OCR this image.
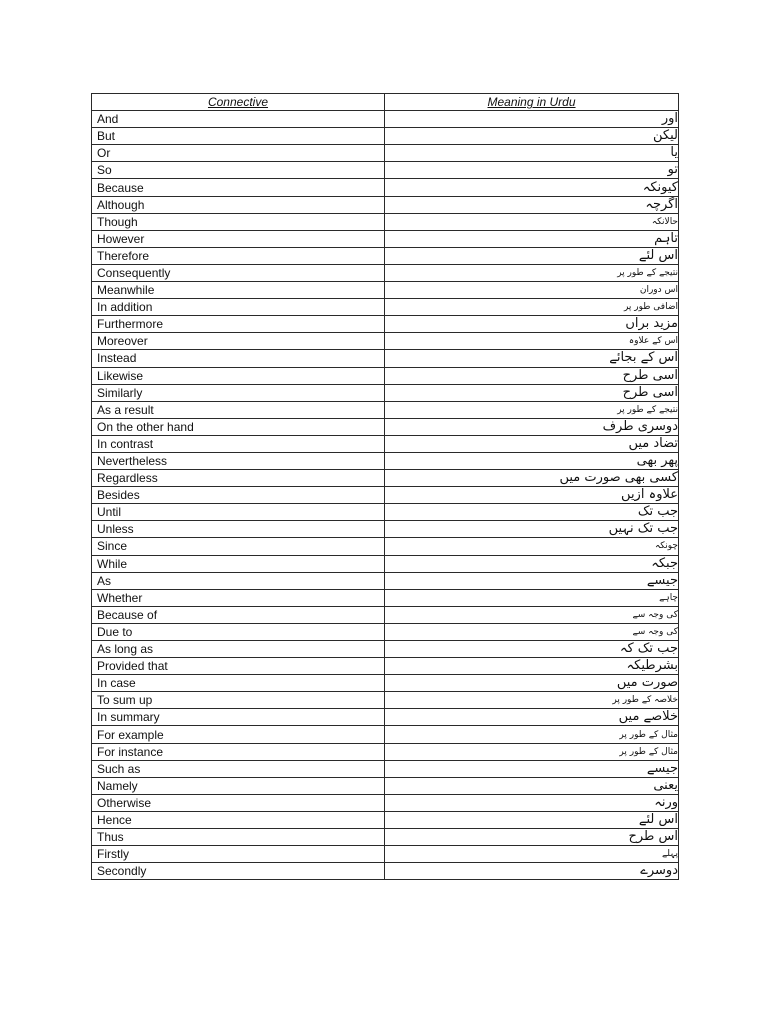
Connective	Meaning in Urdu
And	اور
But	لیکن
Or	یا
So	تو
Because	کیونکہ
Although	اگرچہ
Though	حالانکہ
However	تاہم
Therefore	اس لئے
Consequently	نتیجے کے طور پر
Meanwhile	اس دوران
In addition	اضافی طور پر
Furthermore	مزید براں
Moreover	اس کے علاوہ
Instead	اس کے بجائے
Likewise	اسی طرح
Similarly	اسی طرح
As a result	نتیجے کے طور پر
On the other hand	دوسری طرف
In contrast	تضاد میں
Nevertheless	پھر بھی
Regardless	کسی بھی صورت میں
Besides	علاوہ ازیں
Until	جب تک
Unless	جب تک نہیں
Since	چونکہ
While	جبکہ
As	جیسے
Whether	چاہے
Because of	کی وجہ سے
Due to	کی وجہ سے
As long as	جب تک کہ
Provided that	بشرطیکہ
In case	صورت میں
To sum up	خلاصہ کے طور پر
In summary	خلاصے میں
For example	مثال کے طور پر
For instance	مثال کے طور پر
Such as	جیسے
Namely	یعنی
Otherwise	ورنہ
Hence	اس لئے
Thus	اس طرح
Firstly	پہلے
Secondly	دوسرے
